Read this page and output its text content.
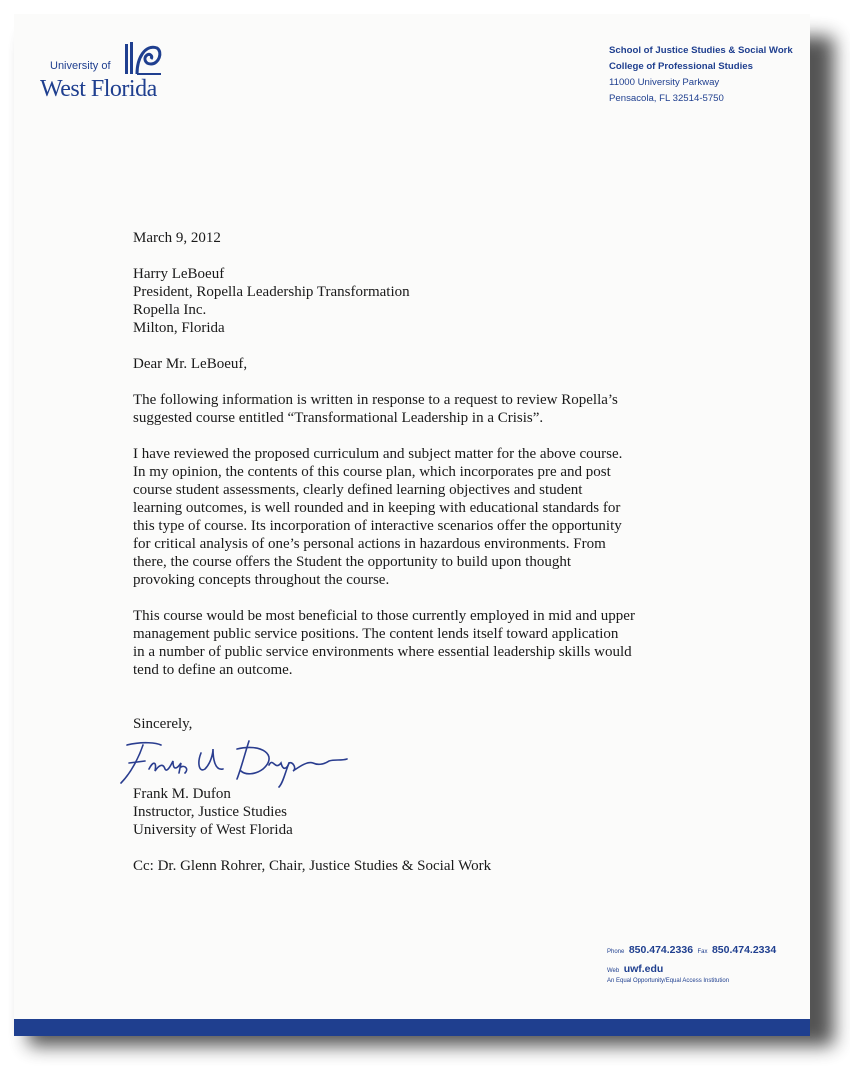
University of
West Florida
School of Justice Studies & Social Work
College of Professional Studies
11000 University Parkway
Pensacola, FL 32514-5750

March 9, 2012

Harry LeBoeuf

President, Ropella Leadership Transformation

Ropella Inc.

Milton, Florida

Dear Mr. LeBoeuf,

The following information is written in response to a request to review Ropella’s

suggested course entitled “Transformational Leadership in a Crisis”.

I have reviewed the proposed curriculum and subject matter for the above course.

In my opinion, the contents of this course plan, which incorporates pre and post

course student assessments, clearly defined learning objectives and student

learning outcomes, is well rounded and in keeping with educational standards for

this type of course. Its incorporation of interactive scenarios offer the opportunity

for critical analysis of one’s personal actions in hazardous environments. From

there, the course offers the Student the opportunity to build upon thought

provoking concepts throughout the course.

This course would be most beneficial to those currently employed in mid and upper

management public service positions. The content lends itself toward application

in a number of public service environments where essential leadership skills would

tend to define an outcome.

Sincerely,

Frank M. Dufon

Instructor, Justice Studies

University of West Florida

Cc: Dr. Glenn Rohrer, Chair, Justice Studies & Social Work

Phone 850.474.2336 Fax 850.474.2334
Web uwf.edu
An Equal Opportunity/Equal Access Institution
